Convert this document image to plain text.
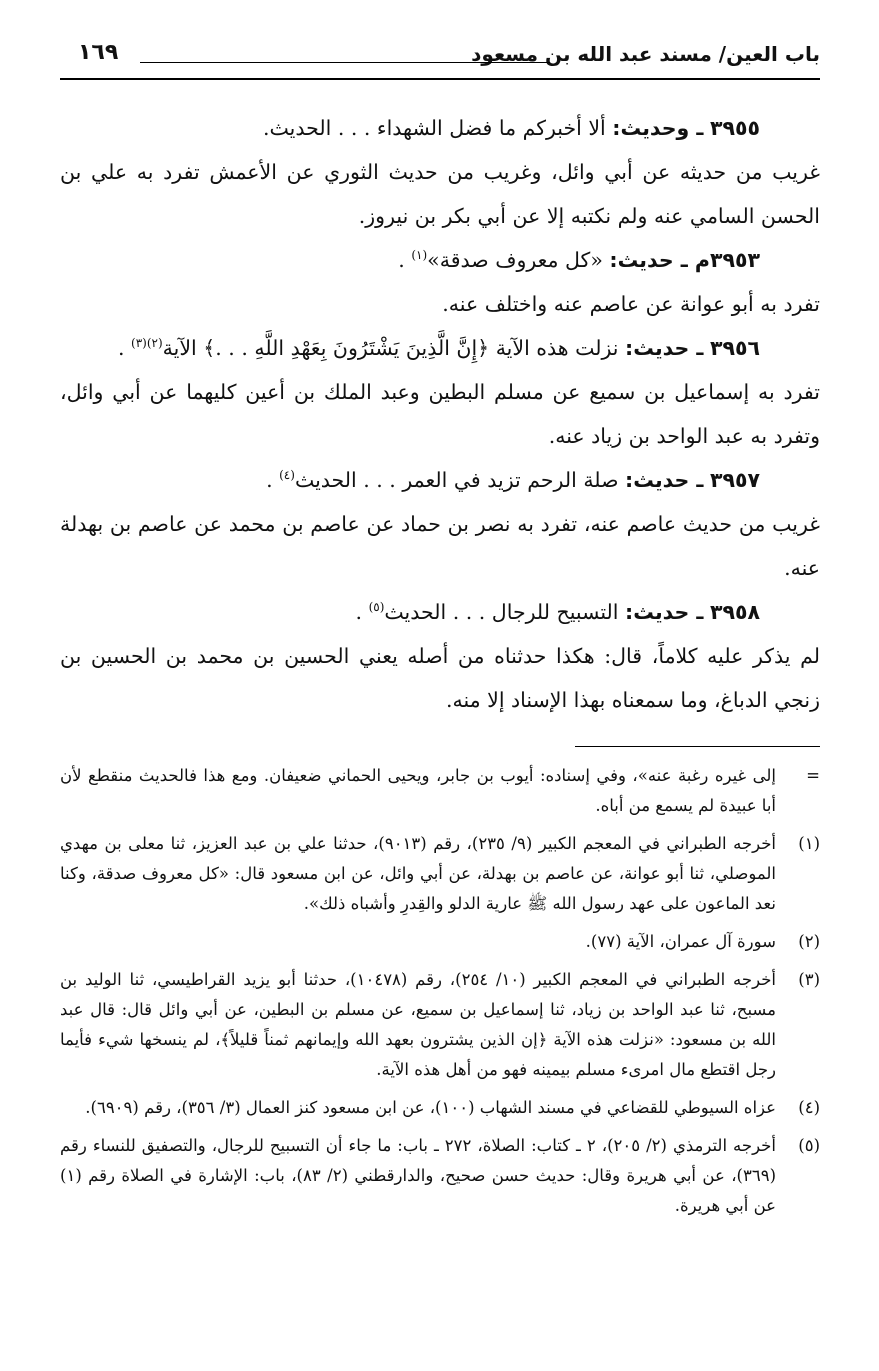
باب العين/ مسند عبد الله بن مسعود
١٦٩

٣٩٥٥ ـ وحديث: ألا أخبركم ما فضل الشهداء . . . الحديث.

غريب من حديثه عن أبي وائل، وغريب من حديث الثوري عن الأعمش تفرد به علي بن الحسن السامي عنه ولم نكتبه إلا عن أبي بكر بن نيروز.

٣٩٥٣م ـ حديث: «كل معروف صدقة»$^{(١)}$ .

تفرد به أبو عوانة عن عاصم عنه واختلف عنه.

٣٩٥٦ ـ حديث: نزلت هذه الآية ﴿إِنَّ الَّذِينَ يَشْتَرُونَ بِعَهْدِ اللَّهِ . . .﴾ الآية$^{(٢)(٣)}$ .

تفرد به إسماعيل بن سميع عن مسلم البطين وعبد الملك بن أعين كليهما عن أبي وائل، وتفرد به عبد الواحد بن زياد عنه.

٣٩٥٧ ـ حديث: صلة الرحم تزيد في العمر . . . الحديث$^{(٤)}$ .

غريب من حديث عاصم عنه، تفرد به نصر بن حماد عن عاصم بن محمد عن عاصم بن بهدلة عنه.

٣٩٥٨ ـ حديث: التسبيح للرجال . . . الحديث$^{(٥)}$ .

لم يذكر عليه كلاماً، قال: هكذا حدثناه من أصله يعني الحسين بن محمد بن الحسين بن زنجي الدباغ، وما سمعناه بهذا الإسناد إلا منه.

=
إلى غيره رغبة عنه»، وفي إسناده: أيوب بن جابر، ويحيى الحماني ضعيفان. ومع هذا فالحديث منقطع لأن أبا عبيدة لم يسمع من أباه.
(١)
أخرجه الطبراني في المعجم الكبير (٩/ ٢٣٥)، رقم (٩٠١٣)، حدثنا علي بن عبد العزيز، ثنا معلى بن مهدي الموصلي، ثنا أبو عوانة، عن عاصم بن بهدلة، عن أبي وائل، عن ابن مسعود قال: «كل معروف صدقة، وكنا نعد الماعون على عهد رسول الله ﷺ عارية الدلو والقِدرِ وأشباه ذلك».
(٢)
سورة آل عمران، الآية (٧٧).
(٣)
أخرجه الطبراني في المعجم الكبير (١٠/ ٢٥٤)، رقم (١٠٤٧٨)، حدثنا أبو يزيد القراطيسي، ثنا الوليد بن مسبح، ثنا عبد الواحد بن زياد، ثنا إسماعيل بن سميع، عن مسلم بن البطين، عن أبي وائل قال: قال عبد الله بن مسعود: «نزلت هذه الآية ﴿إن الذين يشترون بعهد الله وإيمانهم ثمناً قليلاً﴾، لم ينسخها شيء فأيما رجل اقتطع مال امرىء مسلم بيمينه فهو من أهل هذه الآية.
(٤)
عزاه السيوطي للقضاعي في مسند الشهاب (١٠٠)، عن ابن مسعود كنز العمال (٣/ ٣٥٦)، رقم (٦٩٠٩).
(٥)
أخرجه الترمذي (٢/ ٢٠٥)، ٢ ـ كتاب: الصلاة، ٢٧٢ ـ باب: ما جاء أن التسبيح للرجال، والتصفيق للنساء رقم (٣٦٩)، عن أبي هريرة وقال: حديث حسن صحيح، والدارقطني (٢/ ٨٣)، باب: الإشارة في الصلاة رقم (١) عن أبي هريرة.
